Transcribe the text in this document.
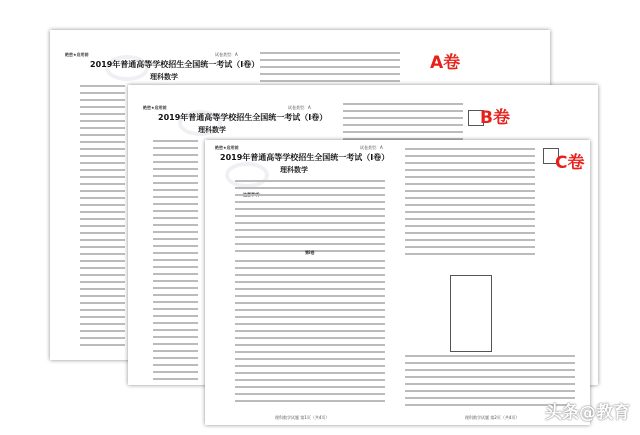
绝密★启用前	试卷类型：A
2019年普通高等学校招生全国统一考试（Ⅰ卷）
理科数学
A卷
绝密★启用前	试卷类型：A
2019年普通高等学校招生全国统一考试（Ⅰ卷）
理科数学
B卷
绝密★启用前	试卷类型：A
2019年普通高等学校招生全国统一考试（Ⅰ卷）
理科数学
第Ⅰ卷
C卷
理科数学试题 第1页（共4页）	理科数学试题 第2页（共4页） 头条@教育
